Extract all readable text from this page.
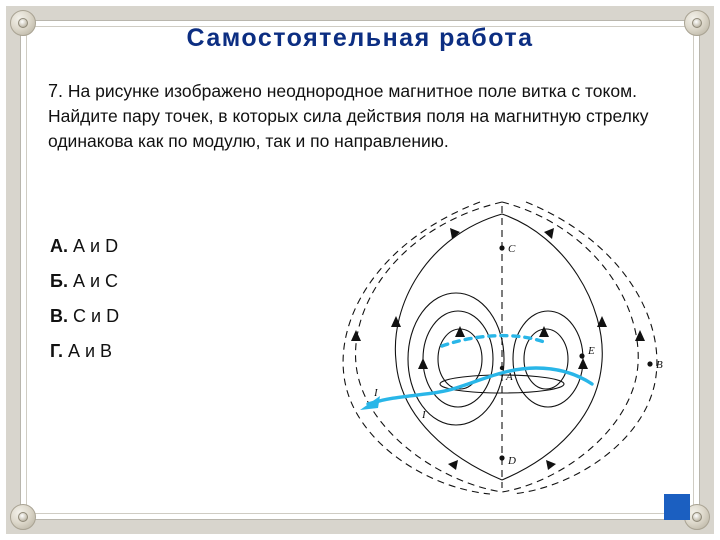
Самостоятельная работа
7. На рисунке изображено неоднородное магнитное поле витка с током. Найдите пару точек, в которых сила действия поля на магнитную стрелку одинакова как по модулю, так и по направлению.
А. А и D
Б. А и С
В. С и D
Г. А и В
C
E
B
A
D
I
I
